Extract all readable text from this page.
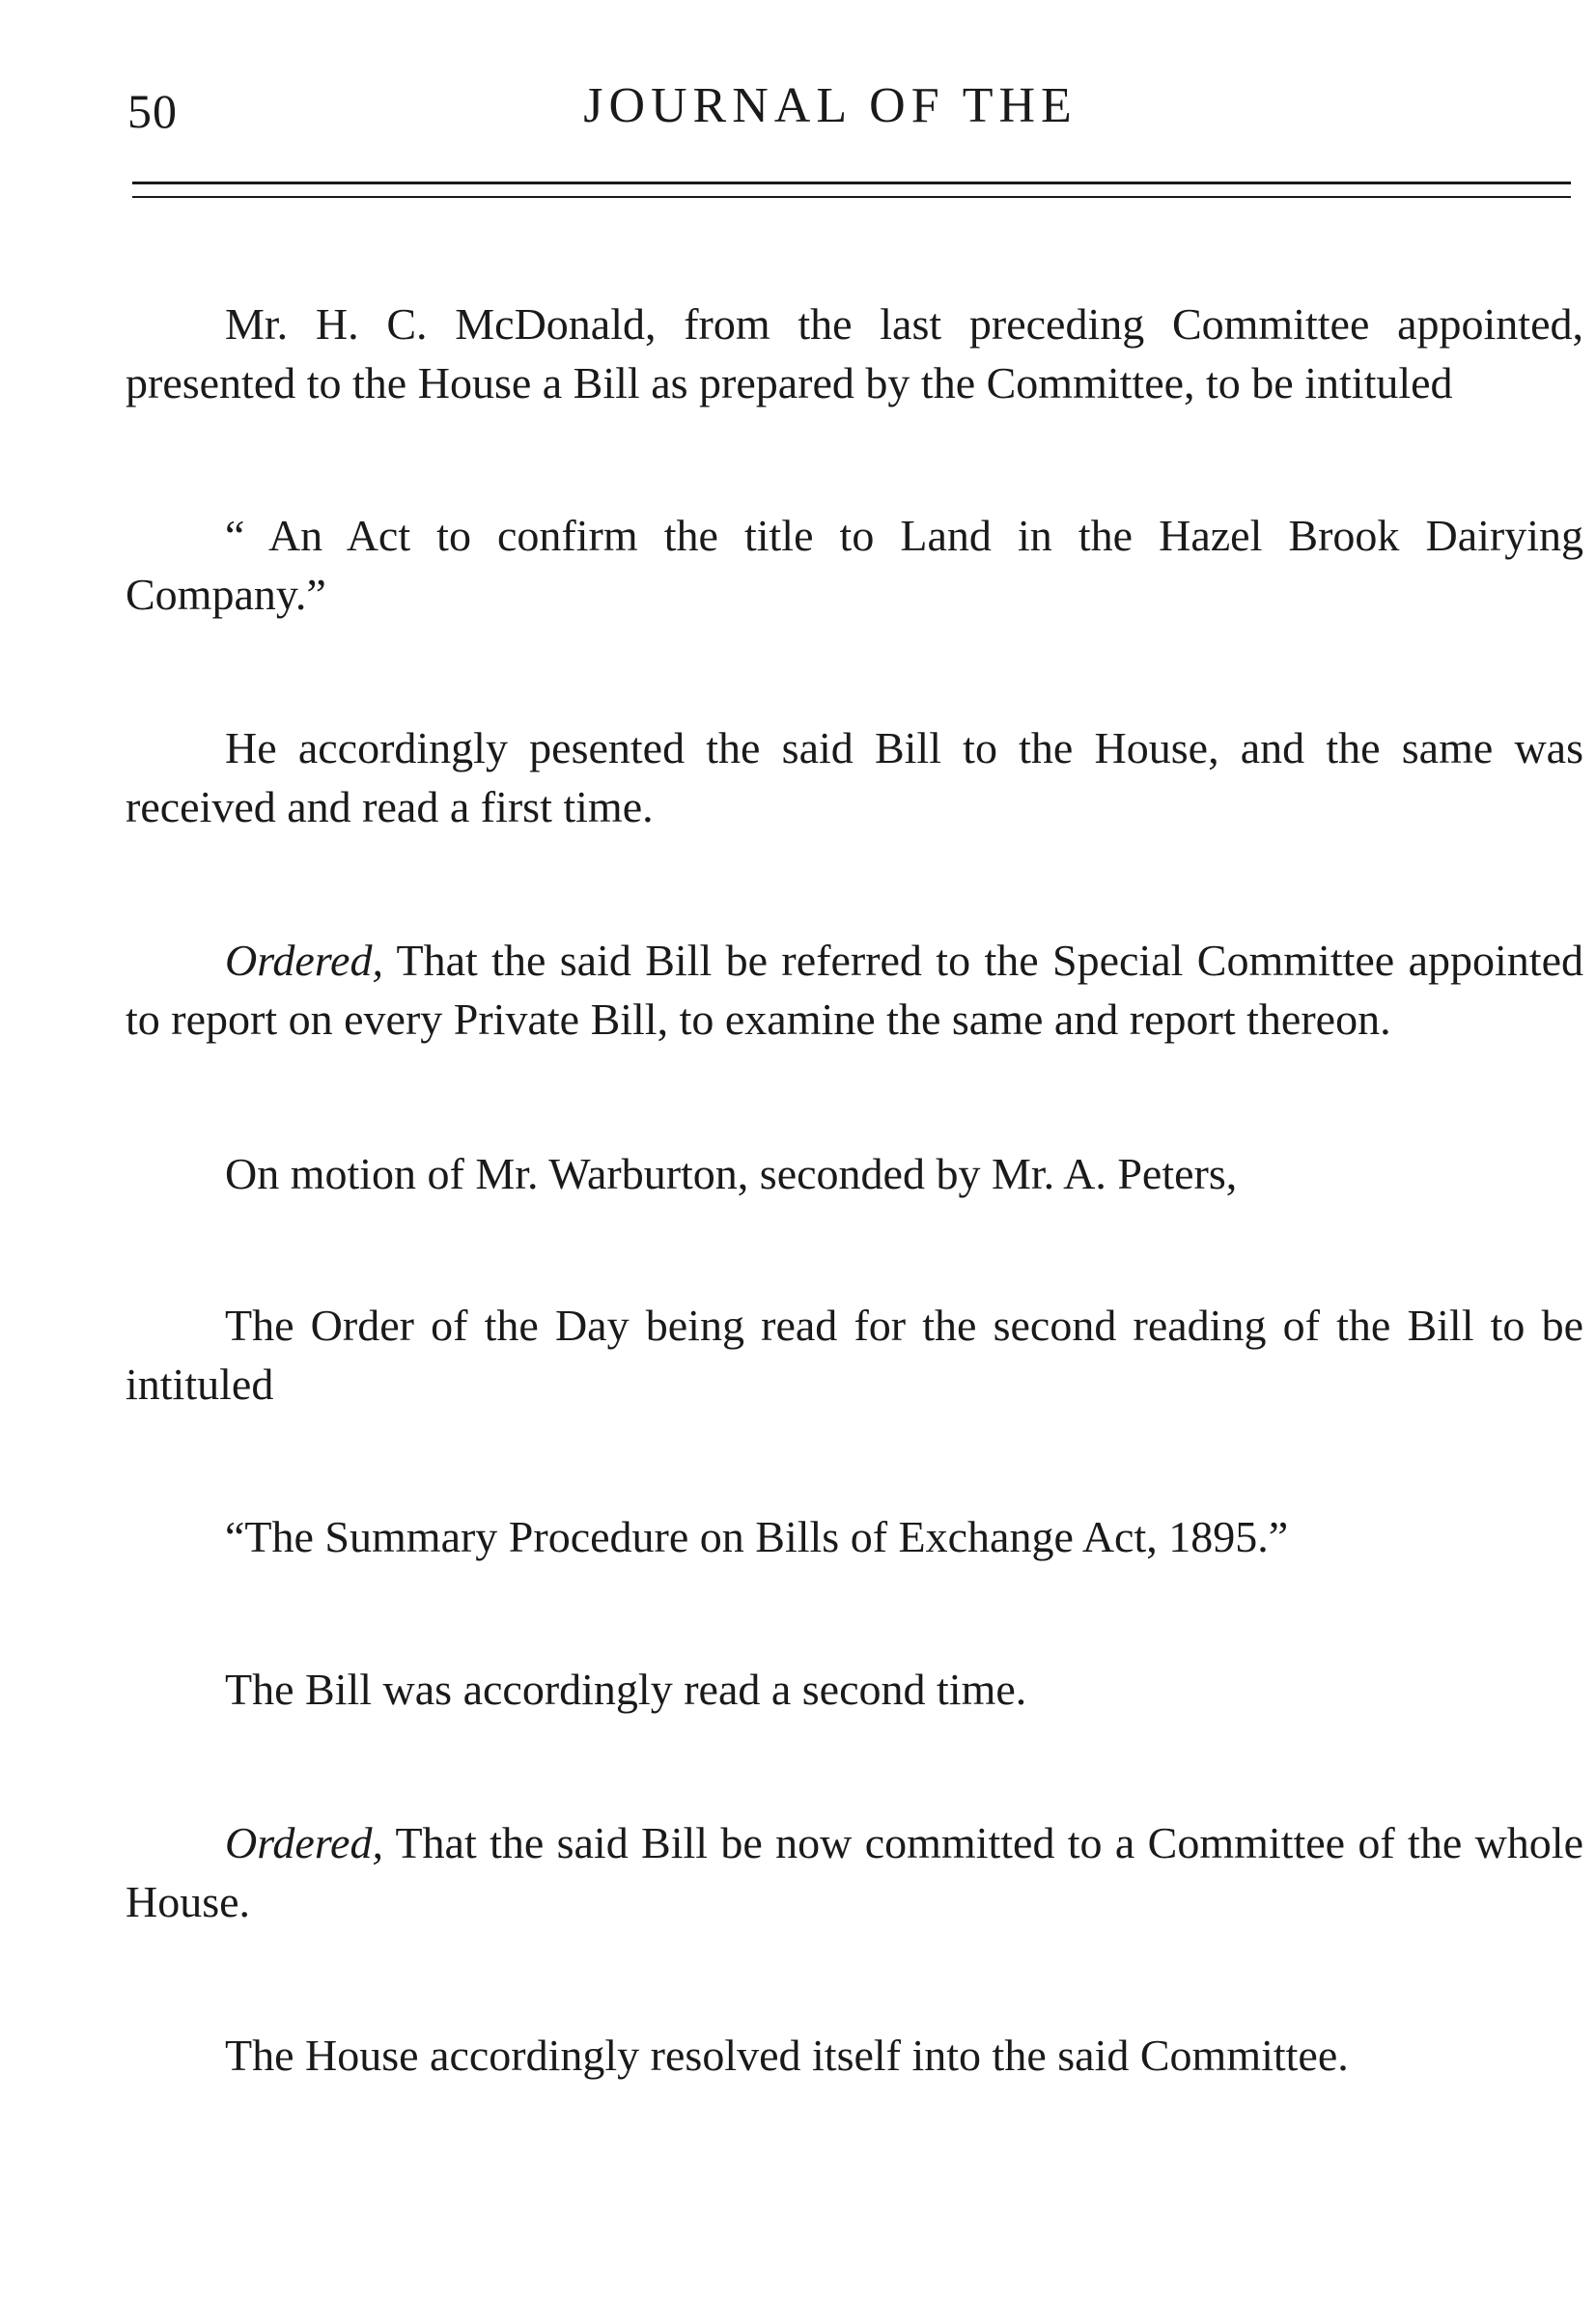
50	JOURNAL OF THE

Mr. H. C. McDonald, from the last preceding Committee appointed, presented to the House a Bill as prepared by the Committee, to be intituled

“ An Act to confirm the title to Land in the Hazel Brook Dairying Company.”

He accordingly pesented the said Bill to the House, and the same was received and read a first time.

Ordered, That the said Bill be referred to the Special Committee appointed to report on every Private Bill, to examine the same and report thereon.

On motion of Mr. Warburton, seconded by Mr. A. Peters,

The Order of the Day being read for the second reading of the Bill to be intituled

“The Summary Procedure on Bills of Exchange Act, 1895.”

The Bill was accordingly read a second time.

Ordered, That the said Bill be now committed to a Committee of the whole House.

The House accordingly resolved itself into the said Committee.
